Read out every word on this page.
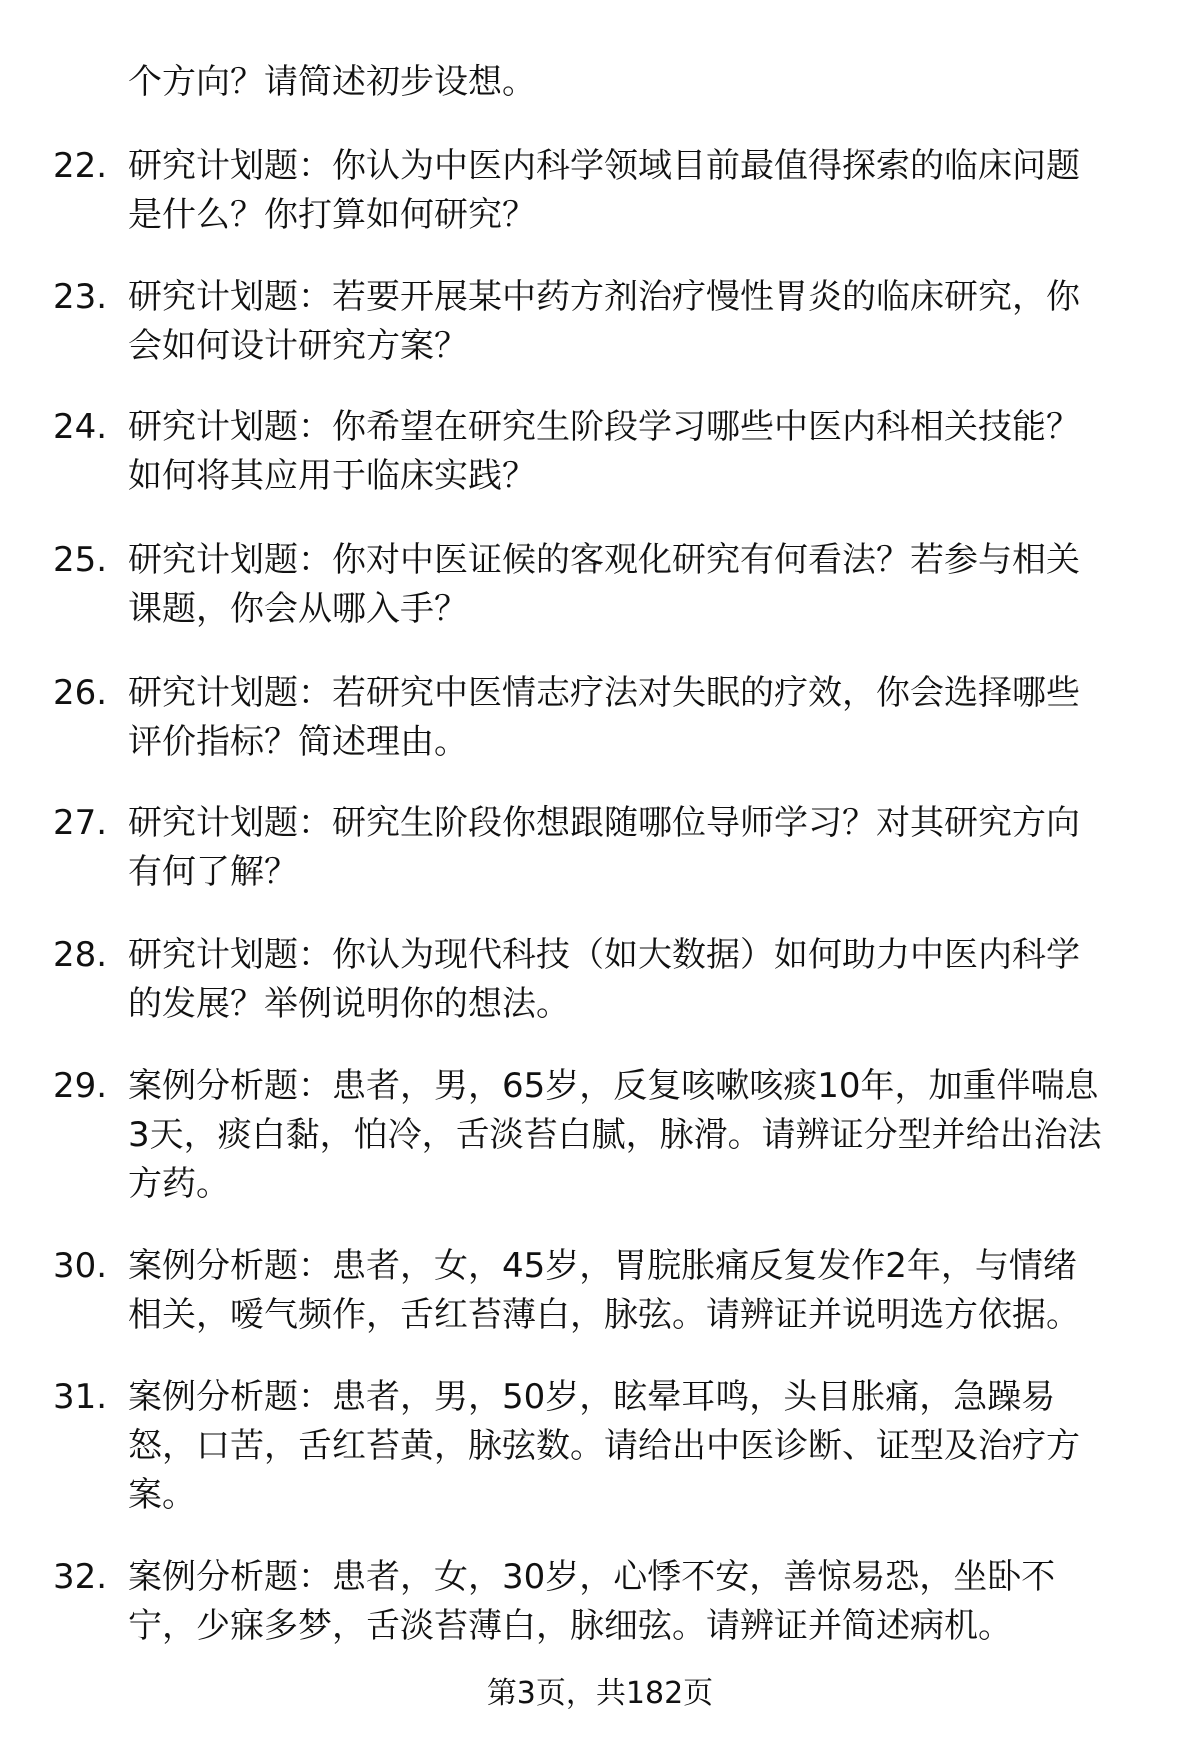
个方向？请简述初步设想。
22. 研究计划题：你认为中医内科学领域目前最值得探索的临床问题
是什么？你打算如何研究？
23. 研究计划题：若要开展某中药方剂治疗慢性胃炎的临床研究，你
会如何设计研究方案？
24. 研究计划题：你希望在研究生阶段学习哪些中医内科相关技能？
如何将其应用于临床实践？
25. 研究计划题：你对中医证候的客观化研究有何看法？若参与相关
课题，你会从哪入手？
26. 研究计划题：若研究中医情志疗法对失眠的疗效，你会选择哪些
评价指标？简述理由。
27. 研究计划题：研究生阶段你想跟随哪位导师学习？对其研究方向
有何了解？
28. 研究计划题：你认为现代科技（如大数据）如何助力中医内科学
的发展？举例说明你的想法。
29. 案例分析题：患者，男，65岁，反复咳嗽咳痰10年，加重伴喘息
3天，痰白黏，怕冷，舌淡苔白腻，脉滑。请辨证分型并给出治法
方药。
30. 案例分析题：患者，女，45岁，胃脘胀痛反复发作2年，与情绪
相关，嗳气频作，舌红苔薄白，脉弦。请辨证并说明选方依据。
31. 案例分析题：患者，男，50岁，眩晕耳鸣，头目胀痛，急躁易
怒，口苦，舌红苔黄，脉弦数。请给出中医诊断、证型及治疗方
案。
32. 案例分析题：患者，女，30岁，心悸不安，善惊易恐，坐卧不
宁，少寐多梦，舌淡苔薄白，脉细弦。请辨证并简述病机。
第3页，共182页
